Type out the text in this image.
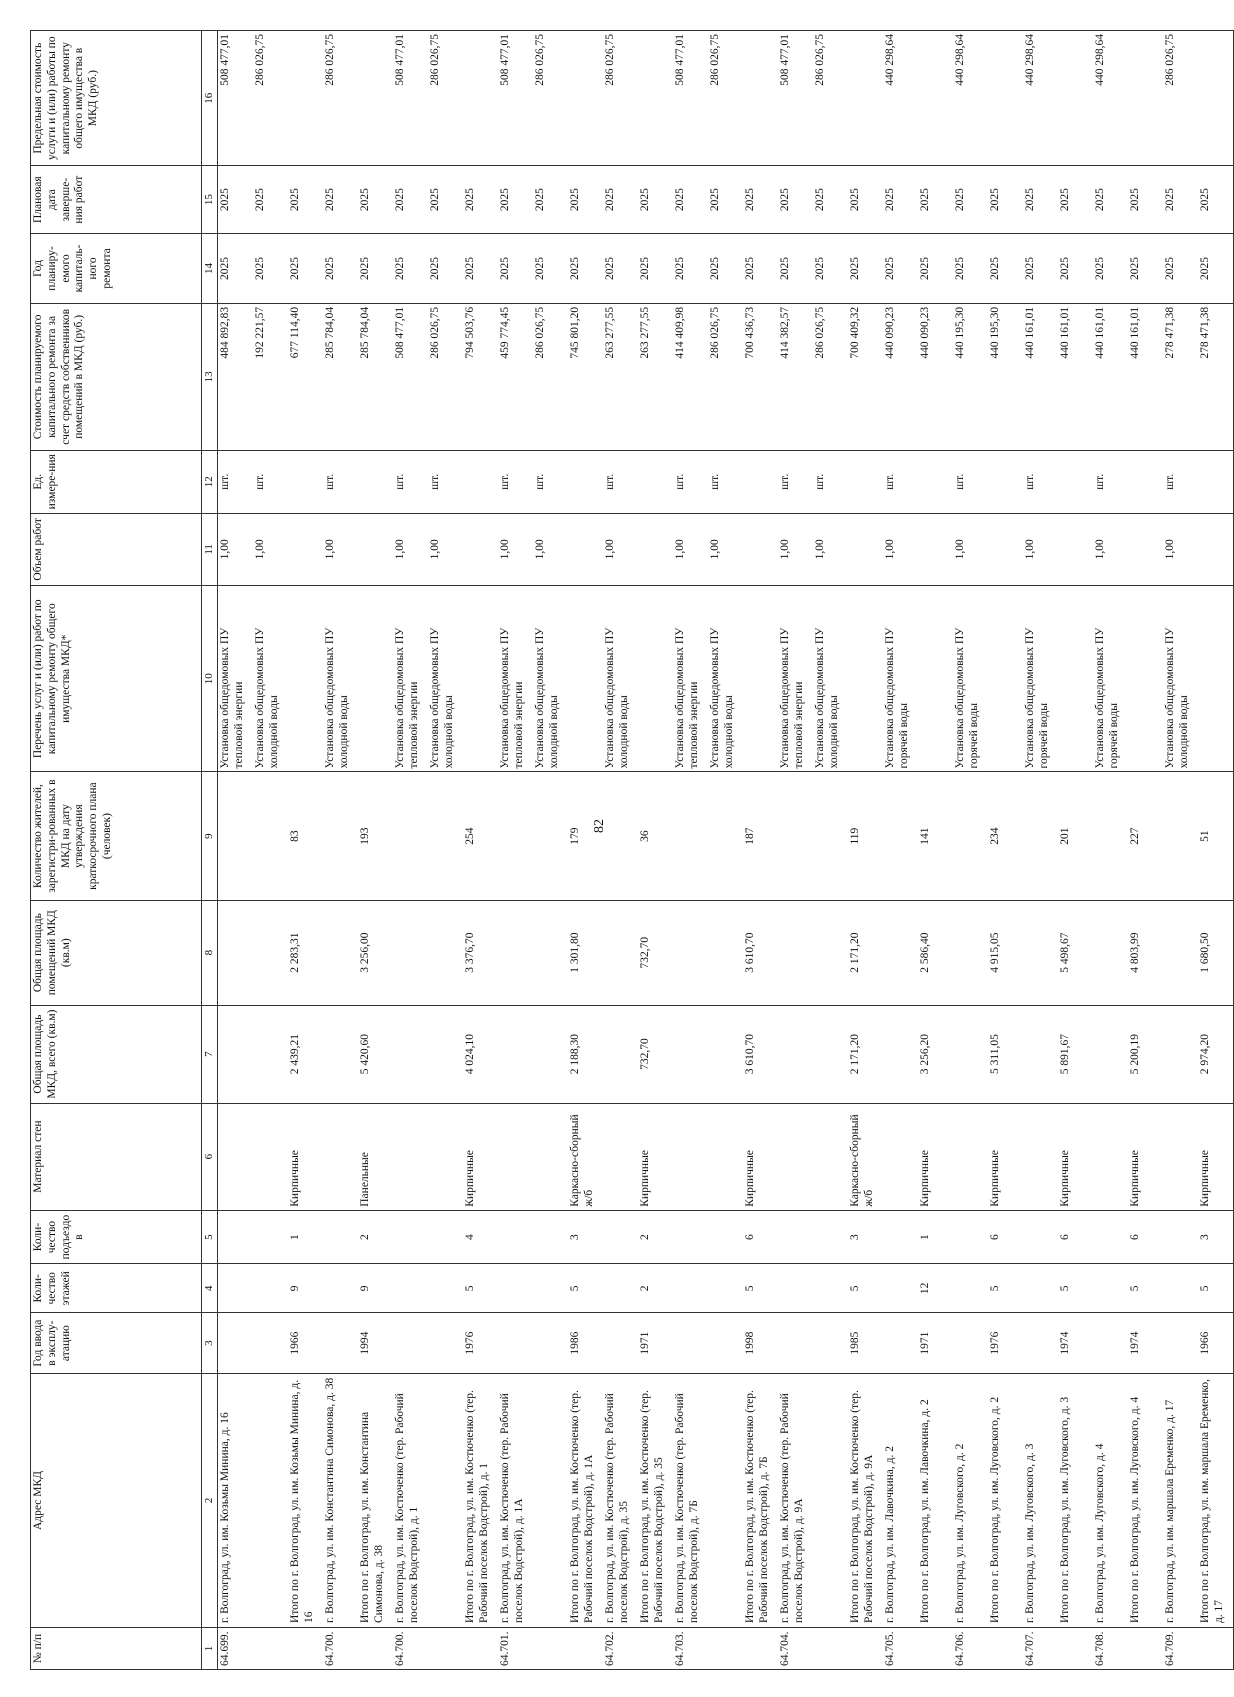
82
№ п/п	Адрес МКД	Год ввода в эксплу-атацию	Коли-чество этажей	Коли-чество подъездо в	Материал стен	Общая площадь МКД, всего (кв.м)	Общая площадь помещений МКД (кв.м)	Количество жителей, зарегистри-рованных в МКД на дату утверждения краткосрочного плана (человек)	Перечень услуг и (или) работ по капитальному ремонту общего имущества МКД*	Объем работ	Ед. измере-ния	Стоимость планируемого капитального ремонта за счет средств собственников помещений в МКД (руб.)	Год планиру-емого капиталь-ного ремонта	Плановая дата заверше-ния работ	Предельная стоимость услуги и (или) работы по капитальному ремонту общего имущества в МКД (руб.)
1	2	3	4	5	6	7	8	9	10	11	12	13	14	15	16
64.699.	г. Волгоград, ул. им. Козьмы Минина, д. 16								Установка общедомовых ПУ тепловой энергии	1,00	шт.	484 892,83	2025	2025	508 477,01
									Установка общедомовых ПУ холодной воды	1,00	шт.	192 221,57	2025	2025	286 026,75
	Итого по г. Волгоград, ул. им. Козьмы Минина, д. 16	1966	9	1	Кирпичные	2 439,21	2 283,31	83				677 114,40	2025	2025	
64.700.	г. Волгоград, ул. им. Константина Симонова, д. 38								Установка общедомовых ПУ холодной воды	1,00	шт.	285 784,04	2025	2025	286 026,75
	Итого по г. Волгоград, ул. им. Константина Симонова, д. 38	1994	9	2	Панельные	5 420,60	3 256,00	193				285 784,04	2025	2025	
64.700.	г. Волгоград, ул. им. Костюченко (тер. Рабочий поселок Водстрой), д. 1								Установка общедомовых ПУ тепловой энергии	1,00	шт.	508 477,01	2025	2025	508 477,01
									Установка общедомовых ПУ холодной воды	1,00	шт.	286 026,75	2025	2025	286 026,75
	Итого по г. Волгоград, ул. им. Костюченко (тер. Рабочий поселок Водстрой), д. 1	1976	5	4	Кирпичные	4 024,10	3 376,70	254				794 503,76	2025	2025	
64.701.	г. Волгоград, ул. им. Костюченко (тер. Рабочий поселок Водстрой), д. 1А								Установка общедомовых ПУ тепловой энергии	1,00	шт.	459 774,45	2025	2025	508 477,01
									Установка общедомовых ПУ холодной воды	1,00	шт.	286 026,75	2025	2025	286 026,75
	Итого по г. Волгоград, ул. им. Костюченко (тер. Рабочий поселок Водстрой), д. 1А	1986	5	3	Каркасно-сборный ж/б	2 188,30	1 301,80	179				745 801,20	2025	2025	
64.702.	г. Волгоград, ул. им. Костюченко (тер. Рабочий поселок Водстрой), д. 35								Установка общедомовых ПУ холодной воды	1,00	шт.	263 277,55	2025	2025	286 026,75
	Итого по г. Волгоград, ул. им. Костюченко (тер. Рабочий поселок Водстрой), д. 35	1971	2	2	Кирпичные	732,70	732,70	36				263 277,55	2025	2025	
64.703.	г. Волгоград, ул. им. Костюченко (тер. Рабочий поселок Водстрой), д. 7Б								Установка общедомовых ПУ тепловой энергии	1,00	шт.	414 409,98	2025	2025	508 477,01
									Установка общедомовых ПУ холодной воды	1,00	шт.	286 026,75	2025	2025	286 026,75
	Итого по г. Волгоград, ул. им. Костюченко (тер. Рабочий поселок Водстрой), д. 7Б	1998	5	6	Кирпичные	3 610,70	3 610,70	187				700 436,73	2025	2025	
64.704.	г. Волгоград, ул. им. Костюченко (тер. Рабочий поселок Водстрой), д. 9А								Установка общедомовых ПУ тепловой энергии	1,00	шт.	414 382,57	2025	2025	508 477,01
									Установка общедомовых ПУ холодной воды	1,00	шт.	286 026,75	2025	2025	286 026,75
	Итого по г. Волгоград, ул. им. Костюченко (тер. Рабочий поселок Водстрой), д. 9А	1985	5	3	Каркасно-сборный ж/б	2 171,20	2 171,20	119				700 409,32	2025	2025	
64.705.	г. Волгоград, ул. им. Лавочкина, д. 2								Установка общедомовых ПУ горячей воды	1,00	шт.	440 090,23	2025	2025	440 298,64
	Итого по г. Волгоград, ул. им. Лавочкина, д. 2	1971	12	1	Кирпичные	3 256,20	2 586,40	141				440 090,23	2025	2025	
64.706.	г. Волгоград, ул. им. Луговского, д. 2								Установка общедомовых ПУ горячей воды	1,00	шт.	440 195,30	2025	2025	440 298,64
	Итого по г. Волгоград, ул. им. Луговского, д. 2	1976	5	6	Кирпичные	5 311,05	4 915,05	234				440 195,30	2025	2025	
64.707.	г. Волгоград, ул. им. Луговского, д. 3								Установка общедомовых ПУ горячей воды	1,00	шт.	440 161,01	2025	2025	440 298,64
	Итого по г. Волгоград, ул. им. Луговского, д. 3	1974	5	6	Кирпичные	5 891,67	5 498,67	201				440 161,01	2025	2025	
64.708.	г. Волгоград, ул. им. Луговского, д. 4								Установка общедомовых ПУ горячей воды	1,00	шт.	440 161,01	2025	2025	440 298,64
	Итого по г. Волгоград, ул. им. Луговского, д. 4	1974	5	6	Кирпичные	5 200,19	4 803,99	227				440 161,01	2025	2025	
64.709.	г. Волгоград, ул. им. маршала Еременко, д. 17								Установка общедомовых ПУ холодной воды	1,00	шт.	278 471,38	2025	2025	286 026,75
	Итого по г. Волгоград, ул. им. маршала Еременко, д. 17	1966	5	3	Кирпичные	2 974,20	1 680,50	51				278 471,38	2025	2025	
